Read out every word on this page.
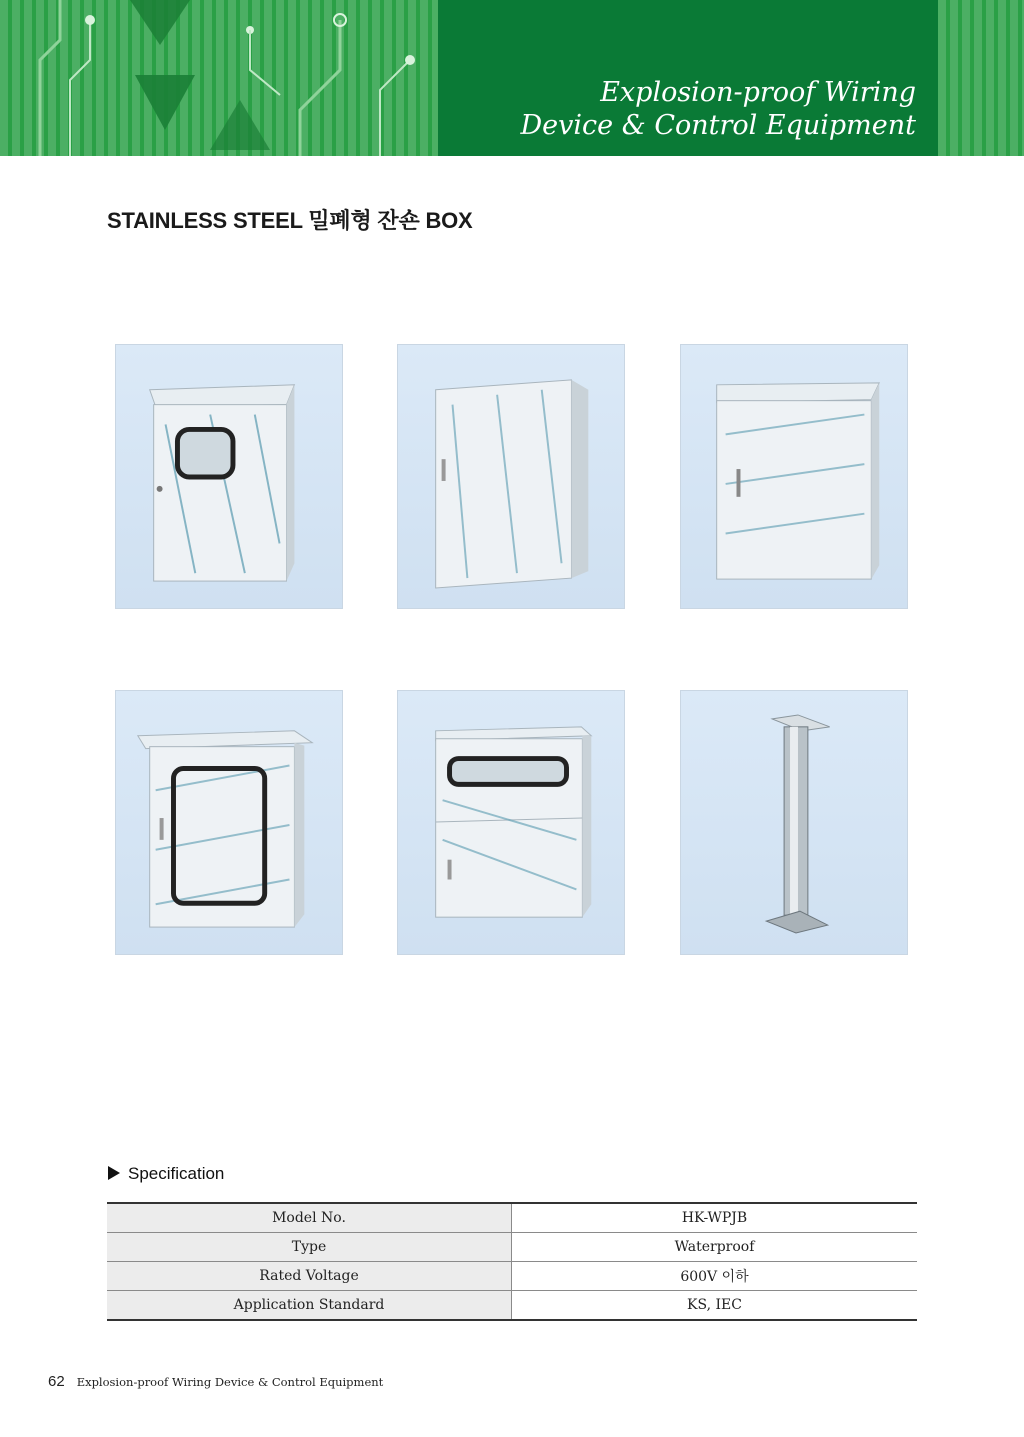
Explosion-proof Wiring
Device & Control Equipment
STAINLESS STEEL 밀폐형 잔숀 BOX
Specification
Model No.	HK-WPJB
Type	Waterproof
Rated Voltage	600V 이하
Application Standard	KS, IEC
62 Explosion-proof Wiring Device & Control Equipment
